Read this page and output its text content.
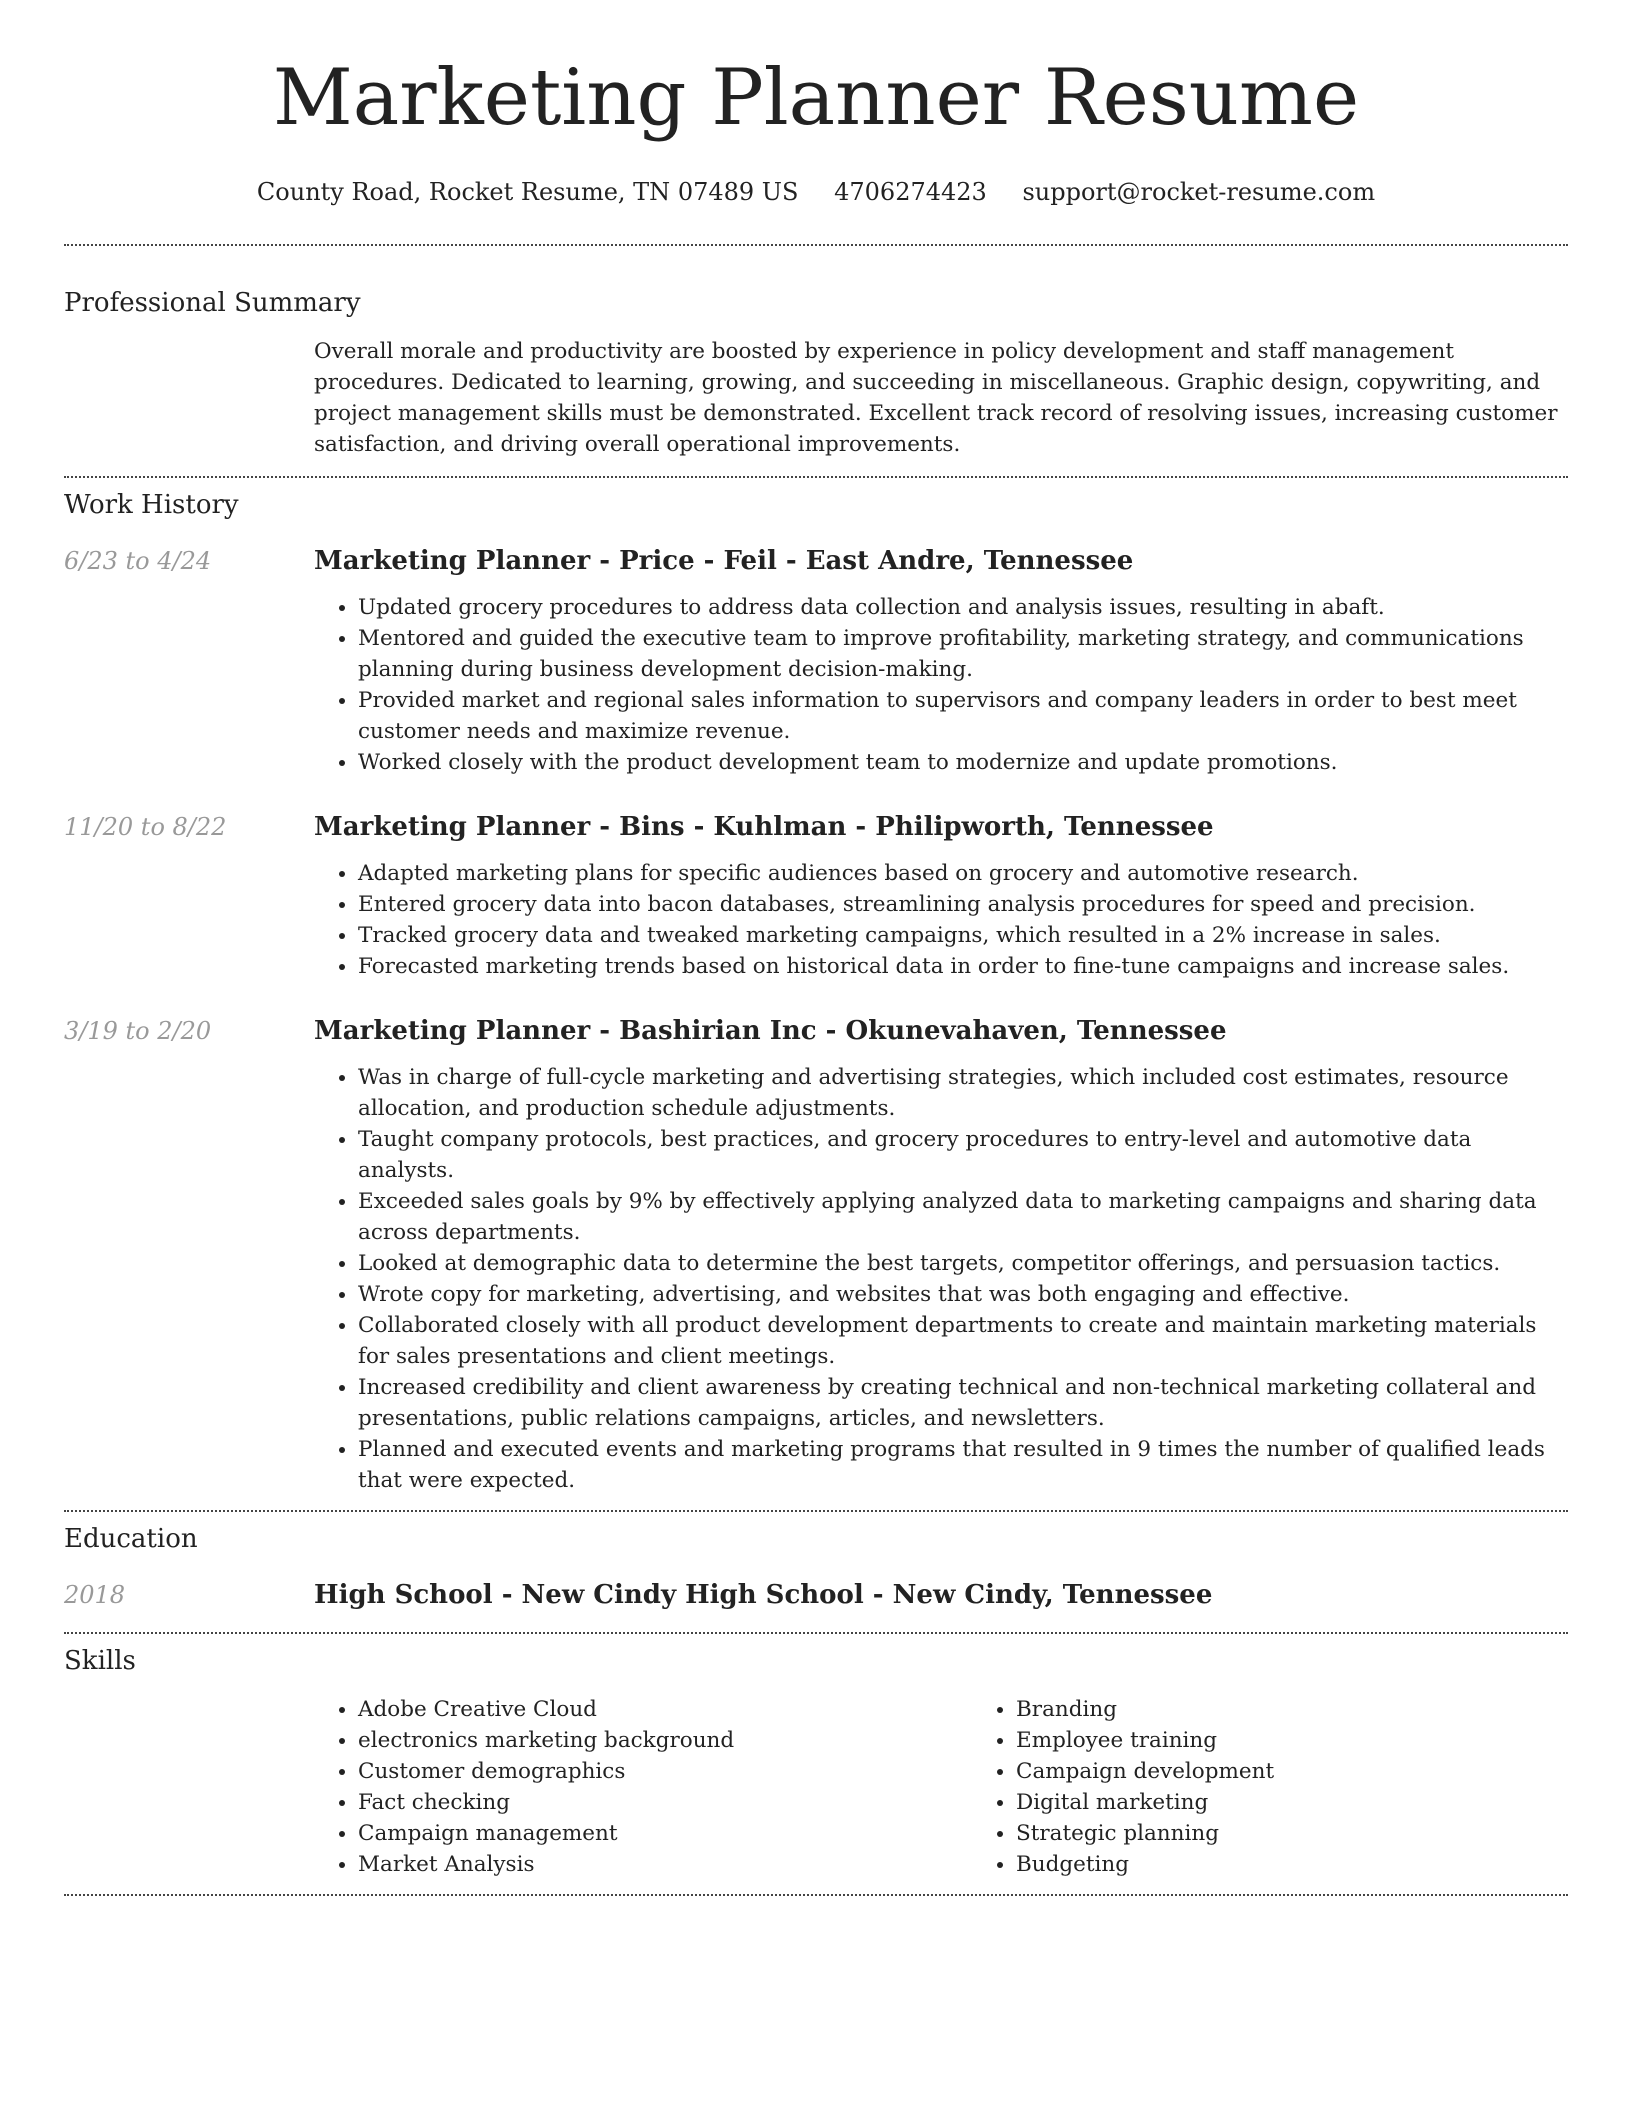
Marketing Planner Resume
County Road, Rocket Resume, TN 07489 US 4706274423 support@rocket-resume.com
Professional Summary

Overall morale and productivity are boosted by experience in policy development and staff management procedures. Dedicated to learning, growing, and succeeding in miscellaneous. Graphic design, copywriting, and project management skills must be demonstrated. Excellent track record of resolving issues, increasing customer satisfaction, and driving overall operational improvements.

Work History
6/23 to 4/24	Marketing Planner - Price - Feil - East Andre, Tennessee
• Updated grocery procedures to address data collection and analysis issues, resulting in abaft.
• Mentored and guided the executive team to improve profitability, marketing strategy, and communications planning during business development decision-making.
• Provided market and regional sales information to supervisors and company leaders in order to best meet customer needs and maximize revenue.
• Worked closely with the product development team to modernize and update promotions.
11/20 to 8/22	Marketing Planner - Bins - Kuhlman - Philipworth, Tennessee
• Adapted marketing plans for specific audiences based on grocery and automotive research.
• Entered grocery data into bacon databases, streamlining analysis procedures for speed and precision.
• Tracked grocery data and tweaked marketing campaigns, which resulted in a 2% increase in sales.
• Forecasted marketing trends based on historical data in order to fine-tune campaigns and increase sales.
3/19 to 2/20	Marketing Planner - Bashirian Inc - Okunevahaven, Tennessee
• Was in charge of full-cycle marketing and advertising strategies, which included cost estimates, resource allocation, and production schedule adjustments.
• Taught company protocols, best practices, and grocery procedures to entry-level and automotive data analysts.
• Exceeded sales goals by 9% by effectively applying analyzed data to marketing campaigns and sharing data across departments.
• Looked at demographic data to determine the best targets, competitor offerings, and persuasion tactics.
• Wrote copy for marketing, advertising, and websites that was both engaging and effective.
• Collaborated closely with all product development departments to create and maintain marketing materials for sales presentations and client meetings.
• Increased credibility and client awareness by creating technical and non-technical marketing collateral and presentations, public relations campaigns, articles, and newsletters.
• Planned and executed events and marketing programs that resulted in 9 times the number of qualified leads that were expected.
Education
2018	High School - New Cindy High School - New Cindy, Tennessee
Skills
• Adobe Creative Cloud
• electronics marketing background
• Customer demographics
• Fact checking
• Campaign management
• Market Analysis
• Branding
• Employee training
• Campaign development
• Digital marketing
• Strategic planning
• Budgeting
